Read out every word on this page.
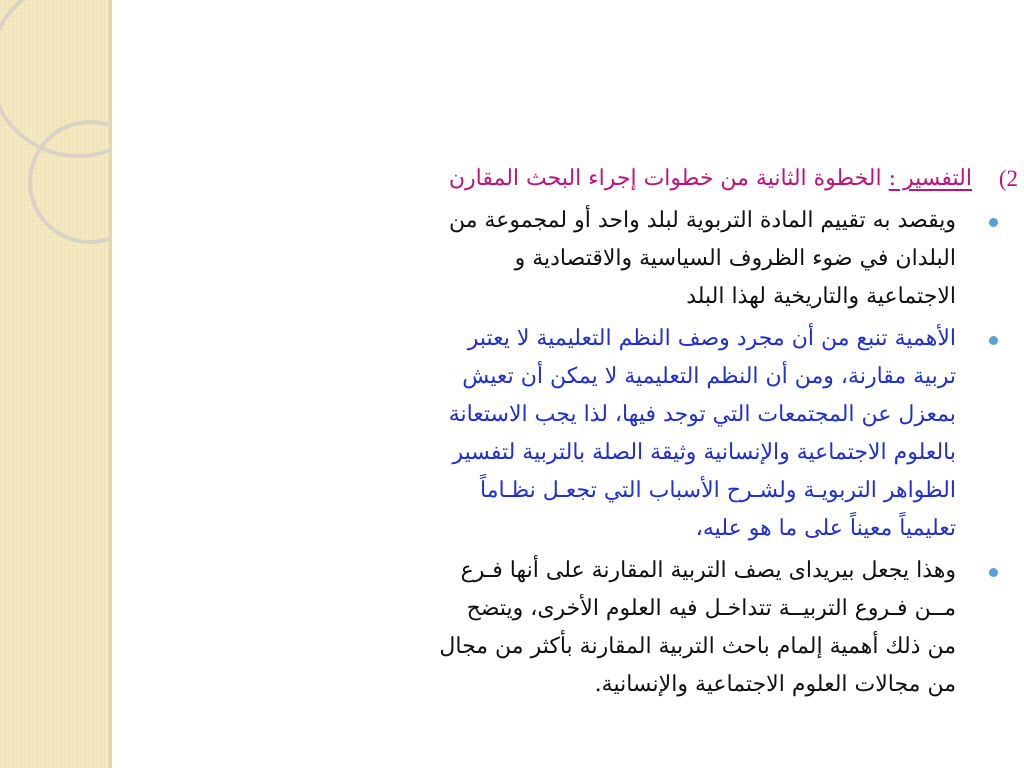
(2
التفسير : الخطوة الثانية من خطوات إجراء البحث المقارن

ويقصد به تقييم المادة التربوية لبلد واحد أو لمجموعة من

البلدان في ضوء الظروف السياسية والاقتصادية و

الاجتماعية والتاريخية لهذا البلد

الأهمية تنبع من أن مجرد وصف النظم التعليمية لا يعتبر

تربية مقارنة، ومن أن النظم التعليمية لا يمكن أن تعيش

بمعزل عن المجتمعات التي توجد فيها، لذا يجب الاستعانة

بالعلوم الاجتماعية والإنسانية وثيقة الصلة بالتربية لتفسير

الظواهر التربويـة ولشـرح الأسباب التي تجعـل نظـاماً

تعليمياً معيناً على ما هو عليه،

وهذا يجعل بيريداى يصف التربية المقارنة على أنها فـرع

مــن فـروع التربيــة تتداخـل فيه العلوم الأخرى، ويتضح

من ذلك أهمية إلمام باحث التربية المقارنة بأكثر من مجال

من مجالات العلوم الاجتماعية والإنسانية.
